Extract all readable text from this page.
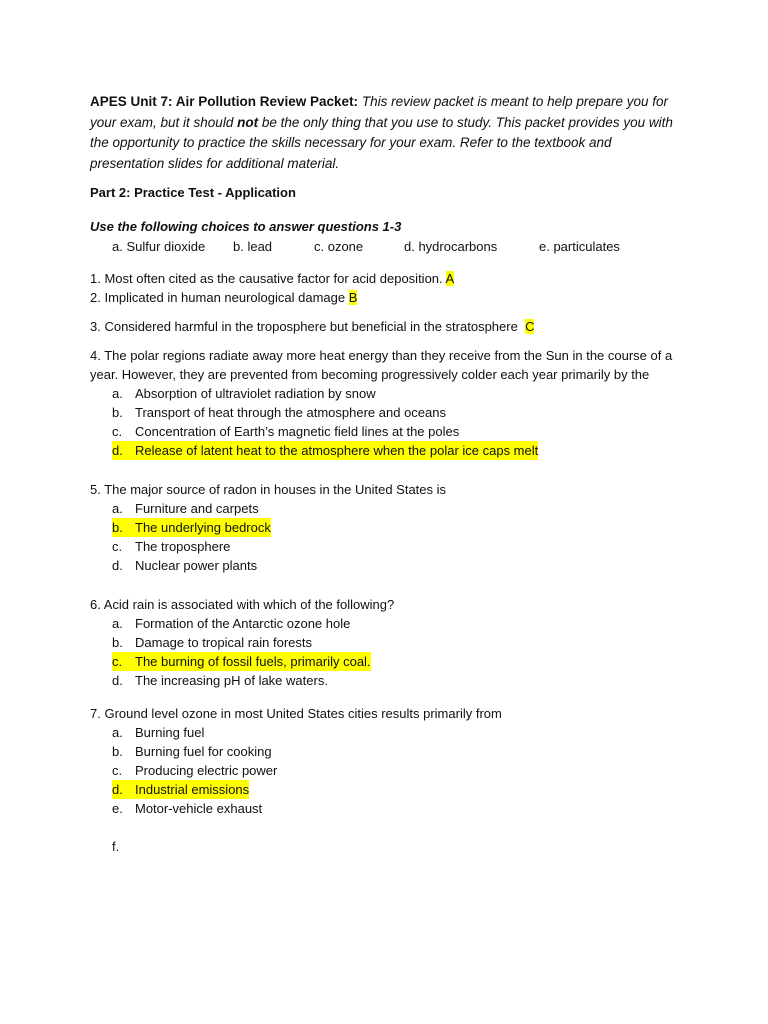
APES Unit 7: Air Pollution Review Packet: This review packet is meant to help prepare you for your exam, but it should not be the only thing that you use to study. This packet provides you with the opportunity to practice the skills necessary for your exam. Refer to the textbook and presentation slides for additional material.

Part 2: Practice Test - Application

Use the following choices to answer questions 1-3

a. Sulfur dioxide	b. lead	c. ozone	d. hydrocarbons	e. particulates

1. Most often cited as the causative factor for acid deposition. A

2. Implicated in human neurological damage B

3. Considered harmful in the troposphere but beneficial in the stratosphere C

4. The polar regions radiate away more heat energy than they receive from the Sun in the course of a year. However, they are prevented from becoming progressively colder each year primarily by the

a. Absorption of ultraviolet radiation by snow
b. Transport of heat through the atmosphere and oceans
c. Concentration of Earth’s magnetic field lines at the poles
d. Release of latent heat to the atmosphere when the polar ice caps melt

5. The major source of radon in houses in the United States is

a. Furniture and carpets
b. The underlying bedrock
c. The troposphere
d. Nuclear power plants

6. Acid rain is associated with which of the following?

a. Formation of the Antarctic ozone hole
b. Damage to tropical rain forests
c. The burning of fossil fuels, primarily coal.
d. The increasing pH of lake waters.

7. Ground level ozone in most United States cities results primarily from

a. Burning fuel
b. Burning fuel for cooking
c. Producing electric power
d. Industrial emissions
e. Motor-vehicle exhaust

f.
